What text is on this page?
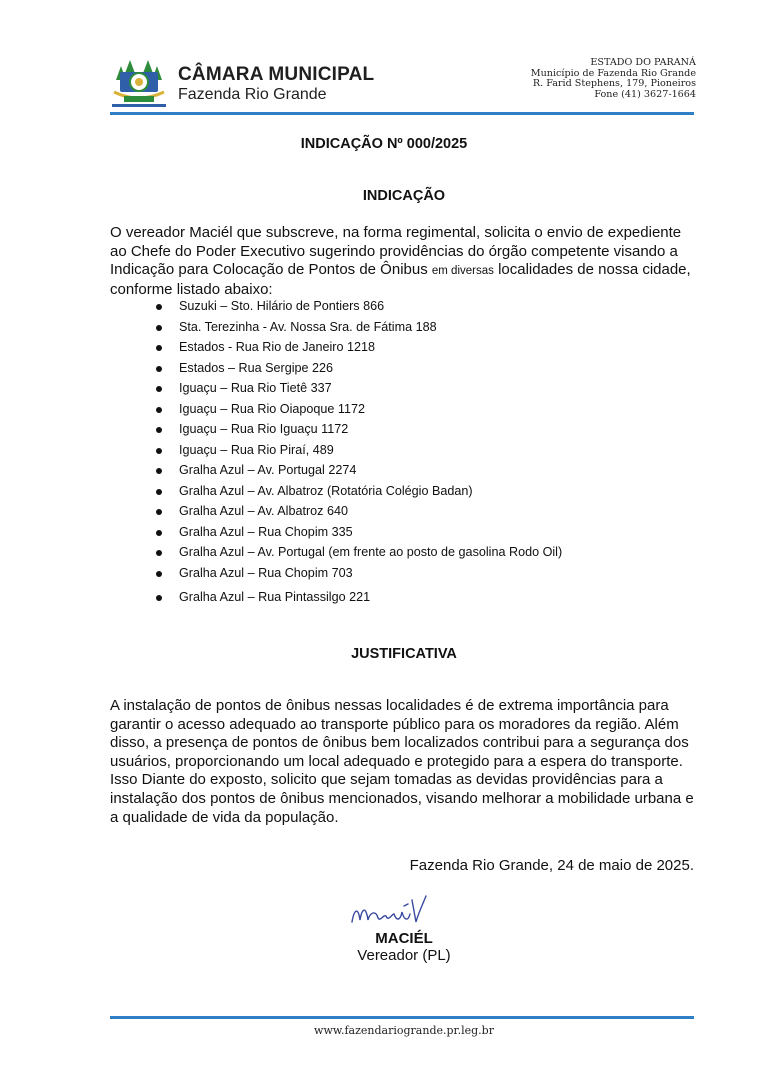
CÂMARA MUNICIPAL
Fazenda Rio Grande
ESTADO DO PARANÁ
Município de Fazenda Rio Grande
R. Farid Stephens, 179, Pioneiros
Fone (41) 3627-1664
INDICAÇÃO Nº 000/2025
INDICAÇÃO
O vereador Maciél que subscreve, na forma regimental, solicita o envio de expediente ao Chefe do Poder Executivo sugerindo providências do órgão competente visando a Indicação para Colocação de Pontos de Ônibus em diversas localidades de nossa cidade, conforme listado abaixo:
Suzuki – Sto. Hilário de Pontiers 866
Sta. Terezinha - Av. Nossa Sra. de Fátima 188
Estados - Rua Rio de Janeiro 1218
Estados – Rua Sergipe 226
Iguaçu – Rua Rio Tietê 337
Iguaçu – Rua Rio Oiapoque 1172
Iguaçu – Rua Rio Iguaçu 1172
Iguaçu – Rua Rio Piraí, 489
Gralha Azul – Av. Portugal 2274
Gralha Azul – Av. Albatroz (Rotatória Colégio Badan)
Gralha Azul – Av. Albatroz 640
Gralha Azul – Rua Chopim 335
Gralha Azul – Av. Portugal (em frente ao posto de gasolina Rodo Oil)
Gralha Azul – Rua Chopim 703
Gralha Azul – Rua Pintassilgo 221
JUSTIFICATIVA
A instalação de pontos de ônibus nessas localidades é de extrema importância para garantir o acesso adequado ao transporte público para os moradores da região. Além disso, a presença de pontos de ônibus bem localizados contribui para a segurança dos usuários, proporcionando um local adequado e protegido para a espera do transporte. Isso Diante do exposto, solicito que sejam tomadas as devidas providências para a instalação dos pontos de ônibus mencionados, visando melhorar a mobilidade urbana e a qualidade de vida da população.
Fazenda Rio Grande, 24 de maio de 2025.
MACIÉL
Vereador (PL)
www.fazendariogrande.pr.leg.br
